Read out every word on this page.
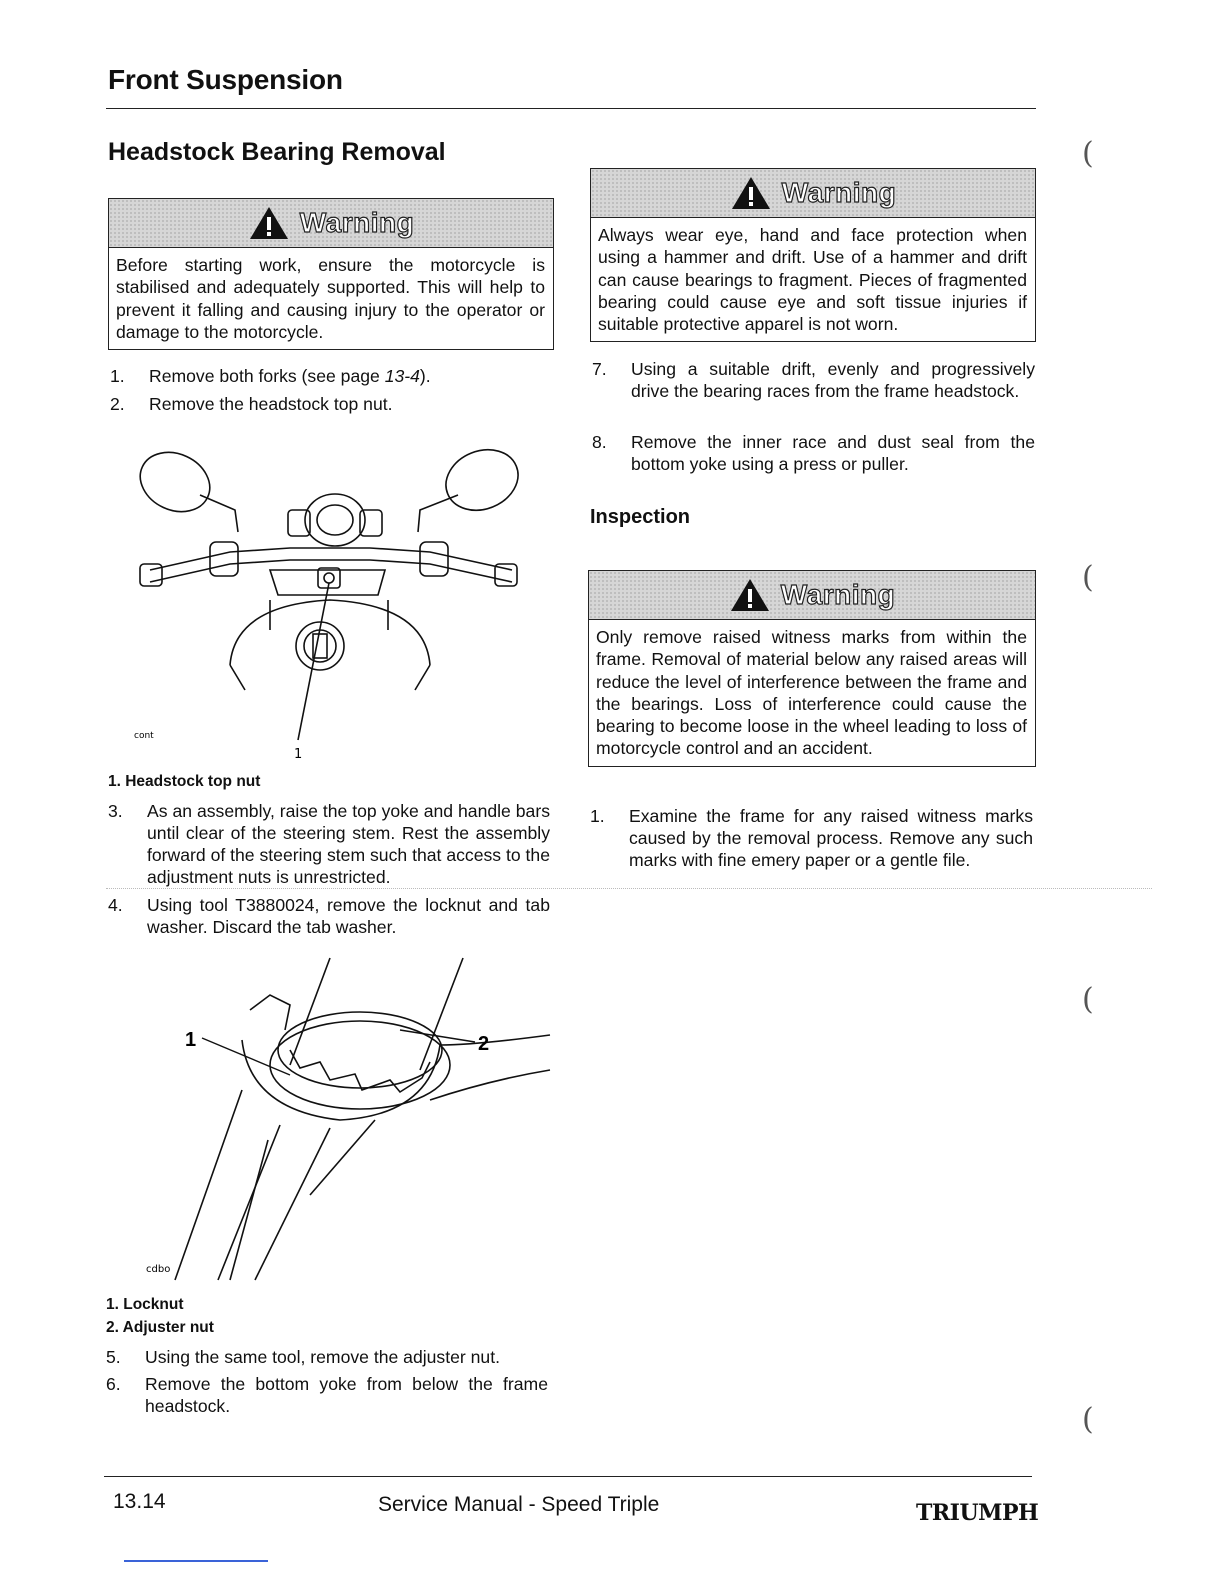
Front Suspension
Headstock Bearing Removal
Warning
Before starting work, ensure the motorcycle is stabilised and adequately supported. This will help to prevent it falling and causing injury to the operator or damage to the motorcycle.
1. Remove both forks (see page 13-4).
2. Remove the headstock top nut.
1
cont
1. Headstock top nut
3. As an assembly, raise the top yoke and handle bars until clear of the steering stem. Rest the assembly forward of the steering stem such that access to the adjustment nuts is unrestricted.
4. Using tool T3880024, remove the locknut and tab washer. Discard the tab washer.
1	2
cdbo
1. Locknut
2. Adjuster nut
5. Using the same tool, remove the adjuster nut.
6. Remove the bottom yoke from below the frame headstock.
Warning
Always wear eye, hand and face protection when using a hammer and drift. Use of a hammer and drift can cause bearings to fragment. Pieces of fragmented bearing could cause eye and soft tissue injuries if suitable protective apparel is not worn.
7. Using a suitable drift, evenly and progressively drive the bearing races from the frame headstock.
8. Remove the inner race and dust seal from the bottom yoke using a press or puller.
Inspection
Warning
Only remove raised witness marks from within the frame. Removal of material below any raised areas will reduce the level of interference between the frame and the bearings. Loss of interference could cause the bearing to become loose in the wheel leading to loss of motorcycle control and an accident.
1. Examine the frame for any raised witness marks caused by the removal process. Remove any such marks with fine emery paper or a gentle file.
(
(
(
(
13.14	Service Manual - Speed Triple	TRIUMPH
